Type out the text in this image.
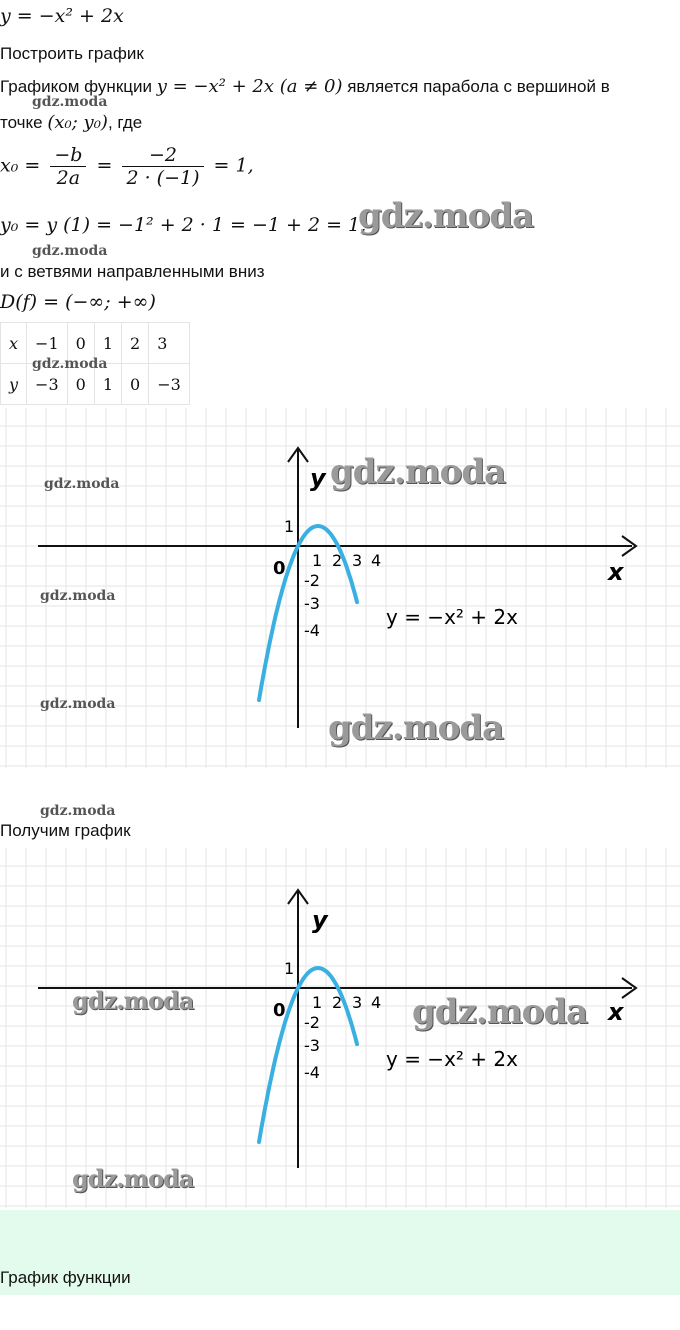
y = −x² + 2x
Построить график
Графиком функции y = −x² + 2x (a ≠ 0) является парабола с вершиной в
точке (x₀; y₀), где
$x_0 = \frac{-b}{2a} = \frac{-2}{2 \cdot (-1)} = 1$,
y₀ = y (1) = −1² + 2 · 1 = −1 + 2 = 1,
и с ветвями направленными вниз
D(f) = (−∞; +∞)
x	−1	0	1	2	3
y	−3	0	1	0	−3
y
x
0 1 2 3 4
1
-2
-3
-4
y = −x² + 2x
y
x
0 1 2 3 4
1
-2
-3
-4
y = −x² + 2x
Получим график
График функции
gdz.moda
gdz.moda
gdz.moda
gdz.moda
gdz.moda
gdz.moda
gdz.moda
gdz.moda
gdz.moda
gdz.moda
gdz.moda
gdz.moda
gdz.moda
